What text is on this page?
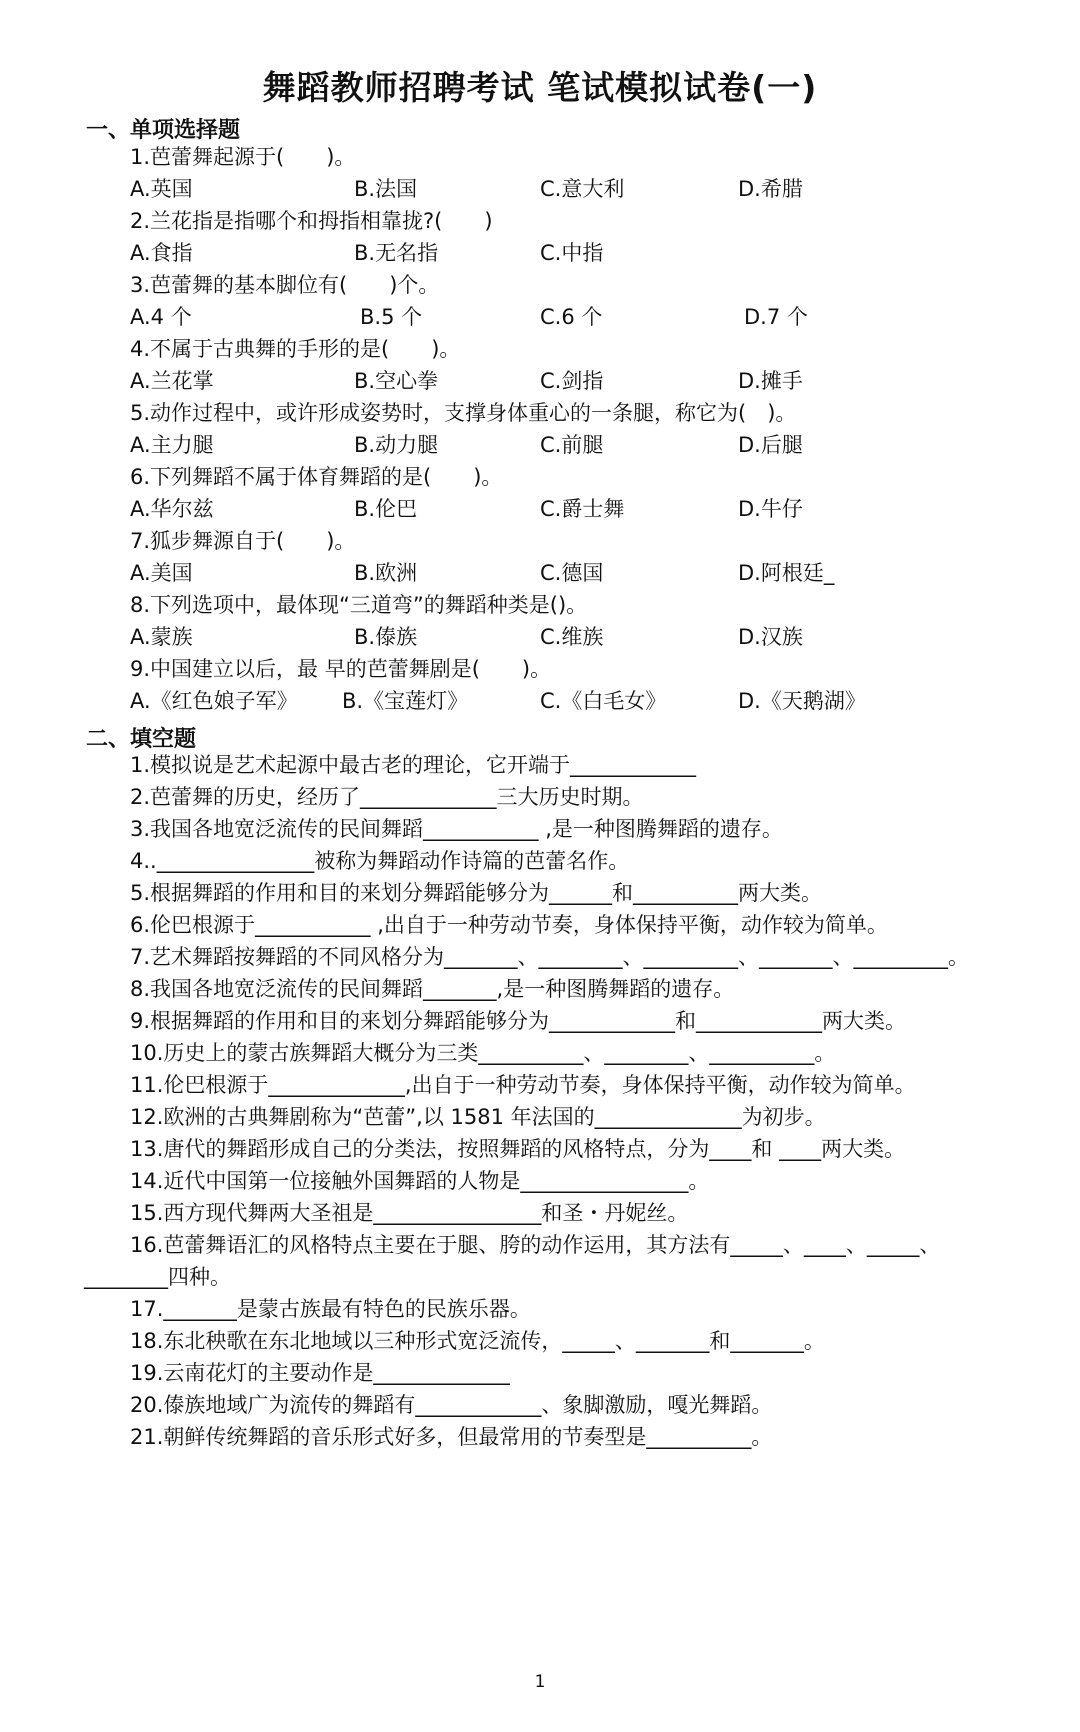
舞蹈教师招聘考试 笔试模拟试卷(一)
一、单项选择题
1.芭蕾舞起源于(　　)。
A.英国	B.法国	C.意大利	D.希腊
2.兰花指是指哪个和拇指相靠拢?(　　)
A.食指	B.无名指	C.中指
3.芭蕾舞的基本脚位有(　　)个。
A.4 个	B.5 个	C.6 个	D.7 个
4.不属于古典舞的手形的是(　　)。
A.兰花掌	B.空心拳	C.剑指	D.摊手
5.动作过程中，或许形成姿势时，支撑身体重心的一条腿，称它为(　)。
A.主力腿	B.动力腿	C.前腿	D.后腿
6.下列舞蹈不属于体育舞蹈的是(　　)。
A.华尔兹	B.伦巴	C.爵士舞	D.牛仔
7.狐步舞源自于(　　)。
A.美国	B.欧洲	C.德国	D.阿根廷_
8.下列选项中，最体现“三道弯”的舞蹈种类是()。
A.蒙族	B.傣族	C.维族	D.汉族
9.中国建立以后，最 早的芭蕾舞剧是(　　)。
A.《红色娘子军》 B.《宝莲灯》	C.《白毛女》	D.《天鹅湖》
二、填空题
1.模拟说是艺术起源中最古老的理论，它开端于____________
2.芭蕾舞的历史，经历了_____________三大历史时期。
3.我国各地宽泛流传的民间舞蹈___________ ,是一种图腾舞蹈的遗存。
4.._______________被称为舞蹈动作诗篇的芭蕾名作。
5.根据舞蹈的作用和目的来划分舞蹈能够分为______和__________两大类。
6.伦巴根源于___________ ,出自于一种劳动节奏，身体保持平衡，动作较为简单。
7.艺术舞蹈按舞蹈的不同风格分为_______、________、_________、_______、_________。
8.我国各地宽泛流传的民间舞蹈_______,是一种图腾舞蹈的遗存。
9.根据舞蹈的作用和目的来划分舞蹈能够分为____________和____________两大类。
10.历史上的蒙古族舞蹈大概分为三类__________、________、__________。
11.伦巴根源于_____________,出自于一种劳动节奏，身体保持平衡，动作较为简单。
12.欧洲的古典舞剧称为“芭蕾”,以 1581 年法国的______________为初步。
13.唐代的舞蹈形成自己的分类法，按照舞蹈的风格特点，分为____和 ____两大类。
14.近代中国第一位接触外国舞蹈的人物是________________。
15.西方现代舞两大圣祖是________________和圣・丹妮丝。
16.芭蕾舞语汇的风格特点主要在于腿、胯的动作运用，其方法有_____、____、_____、
________四种。
17._______是蒙古族最有特色的民族乐器。
18.东北秧歌在东北地域以三种形式宽泛流传，_____、_______和_______。
19.云南花灯的主要动作是_____________
20.傣族地域广为流传的舞蹈有____________、象脚激励，嘎光舞蹈。
21.朝鲜传统舞蹈的音乐形式好多，但最常用的节奏型是__________。
1
